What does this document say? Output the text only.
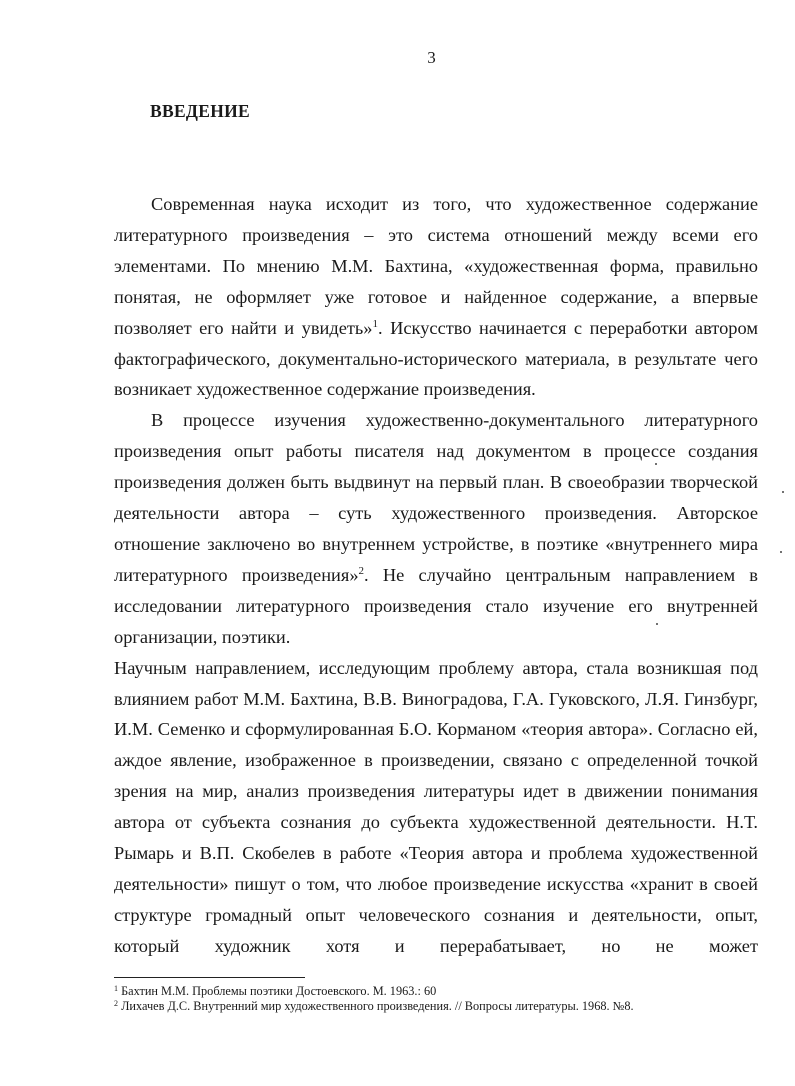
3
ВВЕДЕНИЕ

Современная наука исходит из того, что художественное содержание литературного произведения – это система отношений между всеми его элементами. По мнению М.М. Бахтина, «художественная форма, правильно понятая, не оформляет уже готовое и найденное содержание, а впервые позволяет его найти и увидеть»$^1$. Искусство начинается с переработки автором фактографического, документально-исторического материала, в результате чего возникает художественное содержание произведения.

В процессе изучения художественно-документального литературного произведения опыт работы писателя над документом в процессе создания произведения должен быть выдвинут на первый план. В своеобразии творческой деятельности автора – суть художественного произведения. Авторское отношение заключено во внутреннем устройстве, в поэтике «внутреннего мира литературного произведения»$^2$. Не случайно центральным направлением в исследовании литературного произведения стало изучение его внутренней организации, поэтики.

Научным направлением, исследующим проблему автора, стала возникшая под влиянием работ М.М. Бахтина, В.В. Виноградова, Г.А. Гуковского, Л.Я. Гинзбург, И.М. Семенко и сформулированная Б.О. Корманом «теория автора». Согласно ей, аждое явление, изображенное в произведении, связано с определенной точкой зрения на мир, анализ произведения литературы идет в движении понимания автора от субъекта сознания до субъекта художественной деятельности. Н.Т. Рымарь и В.П. Скобелев в работе «Теория автора и проблема художественной деятельности» пишут о том, что любое произведение искусства «хранит в своей структуре громадный опыт человеческого сознания и деятельности, опыт, который художник хотя и перерабатывает, но не может

$^1$ Бахтин М.М. Проблемы поэтики Достоевского. М. 1963.: 60

$^2$ Лихачев Д.С. Внутренний мир художественного произведения. // Вопросы литературы. 1968. №8.
